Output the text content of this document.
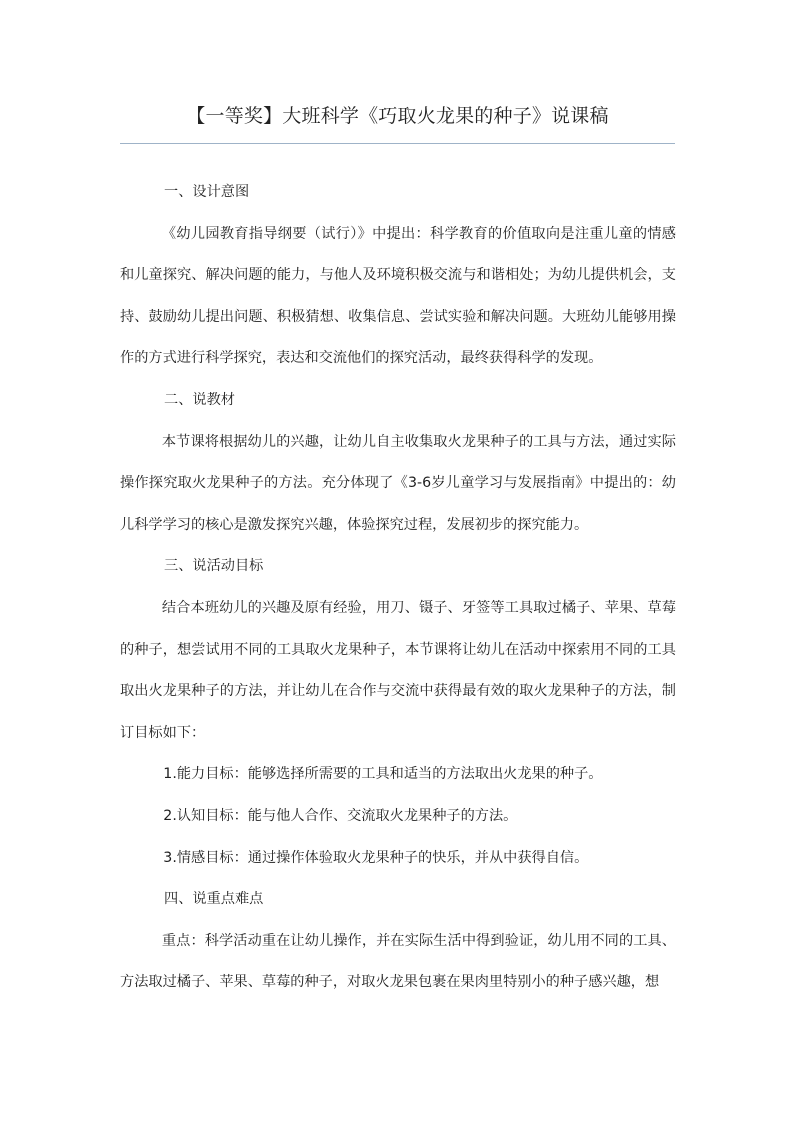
【一等奖】大班科学《巧取火龙果的种子》说课稿

一、设计意图

《幼儿园教育指导纲要（试行）》中提出：科学教育的价值取向是注重儿童的情感和儿童探究、解决问题的能力，与他人及环境积极交流与和谐相处；为幼儿提供机会，支持、鼓励幼儿提出问题、积极猜想、收集信息、尝试实验和解决问题。大班幼儿能够用操作的方式进行科学探究，表达和交流他们的探究活动，最终获得科学的发现。

二、说教材

本节课将根据幼儿的兴趣，让幼儿自主收集取火龙果种子的工具与方法，通过实际操作探究取火龙果种子的方法。充分体现了《3-6岁儿童学习与发展指南》中提出的：幼儿科学学习的核心是激发探究兴趣，体验探究过程，发展初步的探究能力。

三、说活动目标

结合本班幼儿的兴趣及原有经验，用刀、镊子、牙签等工具取过橘子、苹果、草莓的种子，想尝试用不同的工具取火龙果种子，本节课将让幼儿在活动中探索用不同的工具取出火龙果种子的方法，并让幼儿在合作与交流中获得最有效的取火龙果种子的方法，制订目标如下：

1.能力目标：能够选择所需要的工具和适当的方法取出火龙果的种子。

2.认知目标：能与他人合作、交流取火龙果种子的方法。

3.情感目标：通过操作体验取火龙果种子的快乐，并从中获得自信。

四、说重点难点

重点：科学活动重在让幼儿操作，并在实际生活中得到验证，幼儿用不同的工具、方法取过橘子、苹果、草莓的种子，对取火龙果包裹在果肉里特别小的种子感兴趣，想
